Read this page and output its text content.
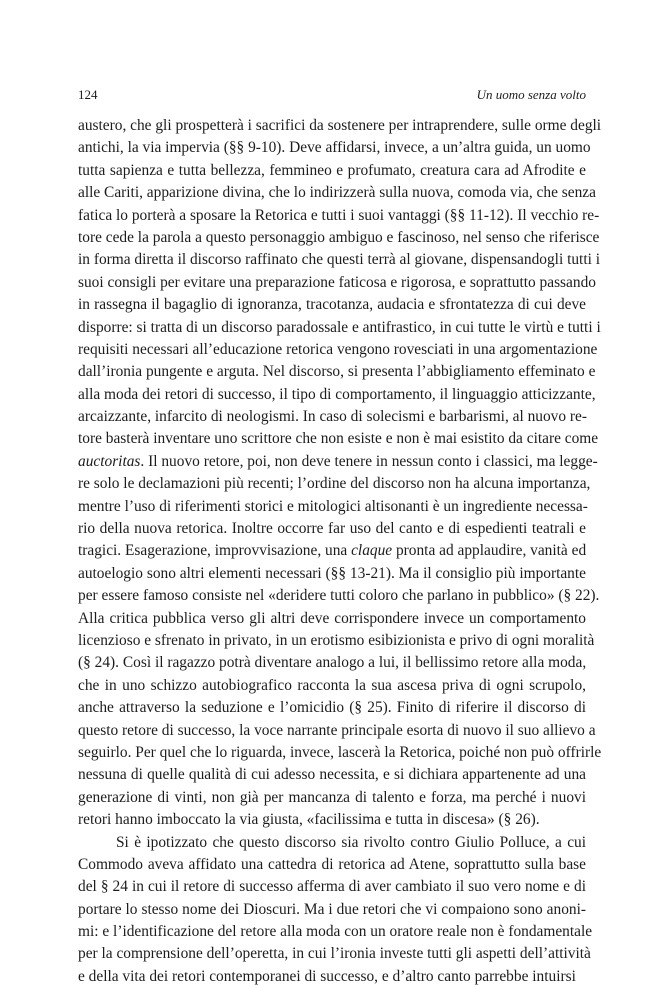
124	Un uomo senza volto
austero, che gli prospetterà i sacrifici da sostenere per intraprendere, sulle orme degli
antichi, la via impervia (§§ 9-10). Deve affidarsi, invece, a un’altra guida, un uomo
tutta sapienza e tutta bellezza, femmineo e profumato, creatura cara ad Afrodite e
alle Cariti, apparizione divina, che lo indirizzerà sulla nuova, comoda via, che senza
fatica lo porterà a sposare la Retorica e tutti i suoi vantaggi (§§ 11-12). Il vecchio re-
tore cede la parola a questo personaggio ambiguo e fascinoso, nel senso che riferisce
in forma diretta il discorso raffinato che questi terrà al giovane, dispensandogli tutti i
suoi consigli per evitare una preparazione faticosa e rigorosa, e soprattutto passando
in rassegna il bagaglio di ignoranza, tracotanza, audacia e sfrontatezza di cui deve
disporre: si tratta di un discorso paradossale e antifrastico, in cui tutte le virtù e tutti i
requisiti necessari all’educazione retorica vengono rovesciati in una argomentazione
dall’ironia pungente e arguta. Nel discorso, si presenta l’abbigliamento effeminato e
alla moda dei retori di successo, il tipo di comportamento, il linguaggio atticizzante,
arcaizzante, infarcito di neologismi. In caso di solecismi e barbarismi, al nuovo re-
tore basterà inventare uno scrittore che non esiste e non è mai esistito da citare come
auctoritas. Il nuovo retore, poi, non deve tenere in nessun conto i classici, ma legge-
re solo le declamazioni più recenti; l’ordine del discorso non ha alcuna importanza,
mentre l’uso di riferimenti storici e mitologici altisonanti è un ingrediente necessa-
rio della nuova retorica. Inoltre occorre far uso del canto e di espedienti teatrali e
tragici. Esagerazione, improvvisazione, una claque pronta ad applaudire, vanità ed
autoelogio sono altri elementi necessari (§§ 13-21). Ma il consiglio più importante
per essere famoso consiste nel «deridere tutti coloro che parlano in pubblico» (§ 22).
Alla critica pubblica verso gli altri deve corrispondere invece un comportamento
licenzioso e sfrenato in privato, in un erotismo esibizionista e privo di ogni moralità
(§ 24). Così il ragazzo potrà diventare analogo a lui, il bellissimo retore alla moda,
che in uno schizzo autobiografico racconta la sua ascesa priva di ogni scrupolo,
anche attraverso la seduzione e l’omicidio (§ 25). Finito di riferire il discorso di
questo retore di successo, la voce narrante principale esorta di nuovo il suo allievo a
seguirlo. Per quel che lo riguarda, invece, lascerà la Retorica, poiché non può offrirle
nessuna di quelle qualità di cui adesso necessita, e si dichiara appartenente ad una
generazione di vinti, non già per mancanza di talento e forza, ma perché i nuovi
retori hanno imboccato la via giusta, «facilissima e tutta in discesa» (§ 26).
Si è ipotizzato che questo discorso sia rivolto contro Giulio Polluce, a cui
Commodo aveva affidato una cattedra di retorica ad Atene, soprattutto sulla base
del § 24 in cui il retore di successo afferma di aver cambiato il suo vero nome e di
portare lo stesso nome dei Dioscuri. Ma i due retori che vi compaiono sono anoni-
mi: e l’identificazione del retore alla moda con un oratore reale non è fondamentale
per la comprensione dell’operetta, in cui l’ironia investe tutti gli aspetti dell’attività
e della vita dei retori contemporanei di successo, e d’altro canto parrebbe intuirsi
